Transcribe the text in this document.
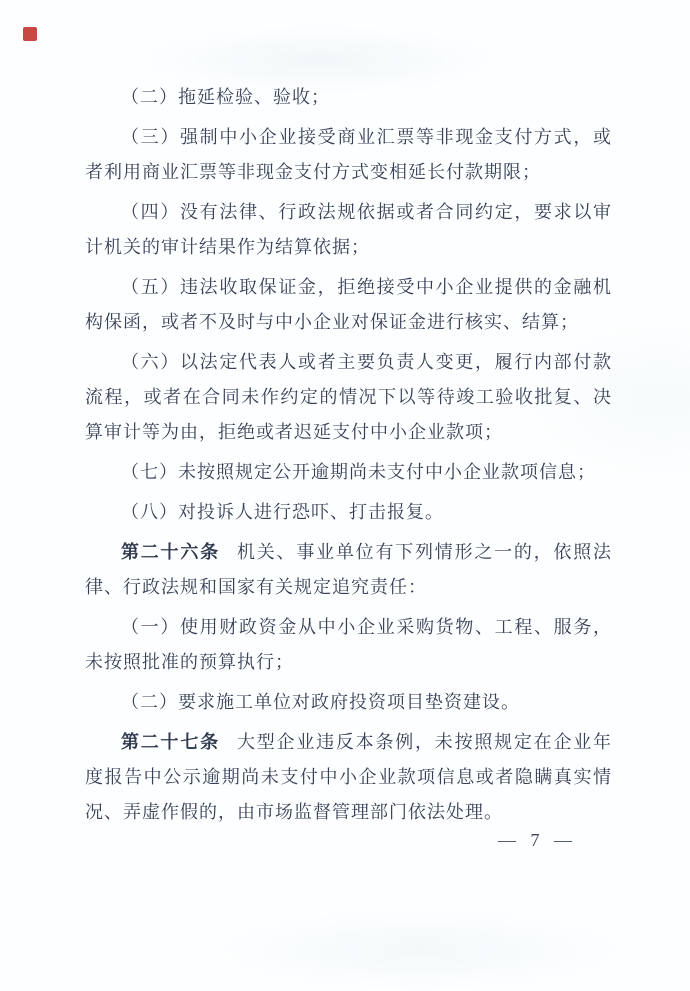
（二）拖延检验、验收；

（三）强制中小企业接受商业汇票等非现金支付方式，或者利用商业汇票等非现金支付方式变相延长付款期限；

（四）没有法律、行政法规依据或者合同约定，要求以审计机关的审计结果作为结算依据；

（五）违法收取保证金，拒绝接受中小企业提供的金融机构保函，或者不及时与中小企业对保证金进行核实、结算；

（六）以法定代表人或者主要负责人变更，履行内部付款流程，或者在合同未作约定的情况下以等待竣工验收批复、决算审计等为由，拒绝或者迟延支付中小企业款项；

（七）未按照规定公开逾期尚未支付中小企业款项信息；

（八）对投诉人进行恐吓、打击报复。

第二十六条 机关、事业单位有下列情形之一的，依照法律、行政法规和国家有关规定追究责任：

（一）使用财政资金从中小企业采购货物、工程、服务，未按照批准的预算执行；

（二）要求施工单位对政府投资项目垫资建设。

第二十七条 大型企业违反本条例，未按照规定在企业年度报告中公示逾期尚未支付中小企业款项信息或者隐瞒真实情况、弄虚作假的，由市场监督管理部门依法处理。

— 7 —
